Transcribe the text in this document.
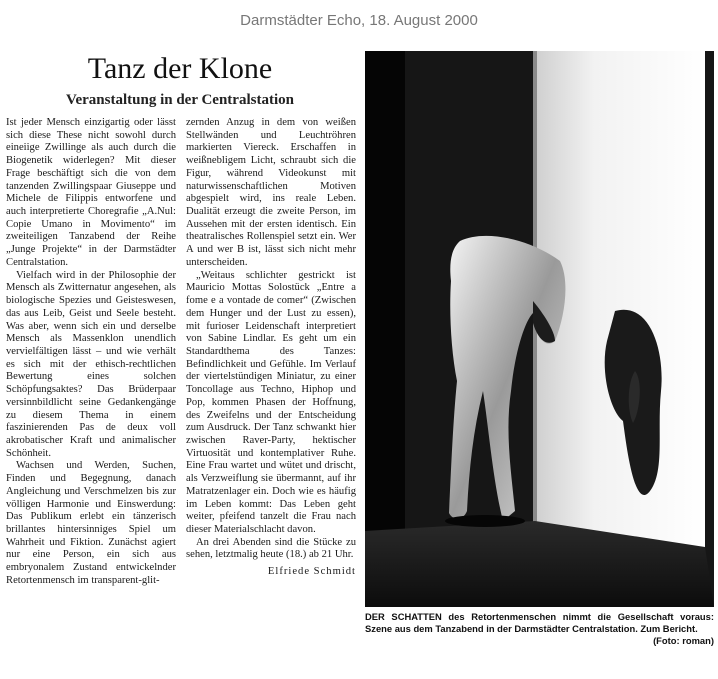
Darmstädter Echo, 18. August 2000
Tanz der Klone
Veranstaltung in der Centralstation

Ist jeder Mensch einzigartig oder lässt sich diese These nicht sowohl durch eineiige Zwillinge als auch durch die Biogenetik widerlegen? Mit dieser Frage beschäftigt sich die von dem tanzenden Zwillingspaar Giuseppe und Michele de Filippis entworfene und auch interpretierte Choregrafie „A.Nul: Copie Umano in Movimento“ im zweiteiligen Tanzabend der Reihe „Junge Projekte“ in der Darmstädter Centralstation.

Vielfach wird in der Philosophie der Mensch als Zwitternatur angesehen, als biologische Spezies und Geisteswesen, das aus Leib, Geist und Seele besteht. Was aber, wenn sich ein und derselbe Mensch als Massenklon unendlich vervielfältigen lässt – und wie verhält es sich mit der ethisch-rechtlichen Bewertung eines solchen Schöpfungsaktes? Das Brüderpaar versinnbildlicht seine Gedankengänge zu diesem Thema in einem faszinierenden Pas de deux voll akrobatischer Kraft und animalischer Schönheit.

Wachsen und Werden, Suchen, Finden und Begegnung, danach Angleichung und Verschmelzen bis zur völligen Harmonie und Einswerdung: Das Publikum erlebt ein tänzerisch brillantes hintersinniges Spiel um Wahrheit und Fiktion. Zunächst agiert nur eine Person, ein sich aus embryonalem Zustand entwickelnder Retortenmensch im transparent-glit-

zernden Anzug in dem von weißen Stellwänden und Leuchtröhren markierten Viereck. Erschaffen in weißnebligem Licht, schraubt sich die Figur, während Videokunst mit naturwissenschaftlichen Motiven abgespielt wird, ins reale Leben. Dualität erzeugt die zweite Person, im Aussehen mit der ersten identisch. Ein theatralisches Rollenspiel setzt ein. Wer A und wer B ist, lässt sich nicht mehr unterscheiden.

„Weitaus schlichter gestrickt ist Mauricio Mottas Solostück „Entre a fome e a vontade de comer“ (Zwischen dem Hunger und der Lust zu essen), mit furioser Leidenschaft interpretiert von Sabine Lindlar. Es geht um ein Standardthema des Tanzes: Befindlichkeit und Gefühle. Im Verlauf der viertelstündigen Miniatur, zu einer Toncollage aus Techno, Hiphop und Pop, kommen Phasen der Hoffnung, des Zweifelns und der Entscheidung zum Ausdruck. Der Tanz schwankt hier zwischen Raver-Party, hektischer Virtuosität und kontemplativer Ruhe. Eine Frau wartet und wütet und drischt, als Verzweiflung sie übermannt, auf ihr Matratzenlager ein. Doch wie es häufig im Leben kommt: Das Leben geht weiter, pfeifend tanzelt die Frau nach dieser Materialschlacht davon.

An drei Abenden sind die Stücke zu sehen, letztmalig heute (18.) ab 21 Uhr.

Elfriede Schmidt
DER SCHATTEN des Retortenmenschen nimmt die Gesellschaft voraus: Szene aus dem Tanzabend in der Darmstädter Centralstation. Zum Bericht.
(Foto: roman)
